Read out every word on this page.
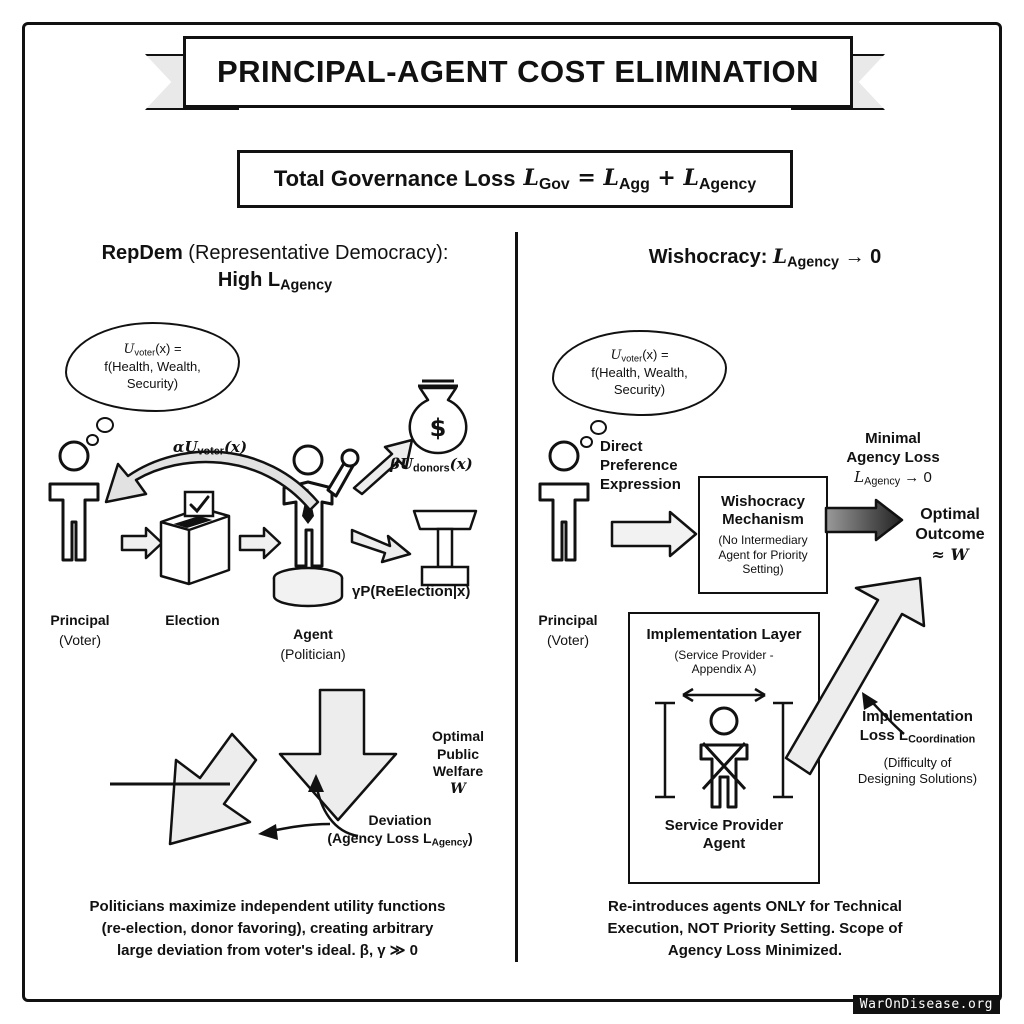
PRINCIPAL-AGENT COST ELIMINATION
Total Governance Loss $L_{Gov} = L_{Agg} + L_{Agency}$
RepDem (Representative Democracy):
High $L_{Agency}$
Wishocracy: $L_{Agency} \to 0$
$U_{voter}(x)$ =
f(Health, Wealth,
Security)
Principal
(Voter)
Election
Agent
(Politician)
$\alpha U_{voter}(x)$
$
$\beta U_{donors}(x)$
γP(ReElection|x)
Optimal
Public
Welfare
W
Deviation
(Agency Loss $L_{Agency}$)
Politicians maximize independent utility functions
(re-election, donor favoring), creating arbitrary
large deviation from voter's ideal. β, γ ≫ 0
$U_{voter}(x)$ =
f(Health, Wealth,
Security)
Principal
(Voter)
Direct
Preference
Expression
Wishocracy
Mechanism
(No Intermediary
Agent for Priority
Setting)
Minimal
Agency Loss
$L_{Agency} \to 0$
Optimal
Outcome
≈ W
Implementation Layer
(Service Provider -
Appendix A)
Service Provider
Agent
Implementation
Loss $L_{Coordination}$
(Difficulty of
Designing Solutions)
Re-introduces agents ONLY for Technical
Execution, NOT Priority Setting. Scope of
Agency Loss Minimized.
WarOnDisease.org
